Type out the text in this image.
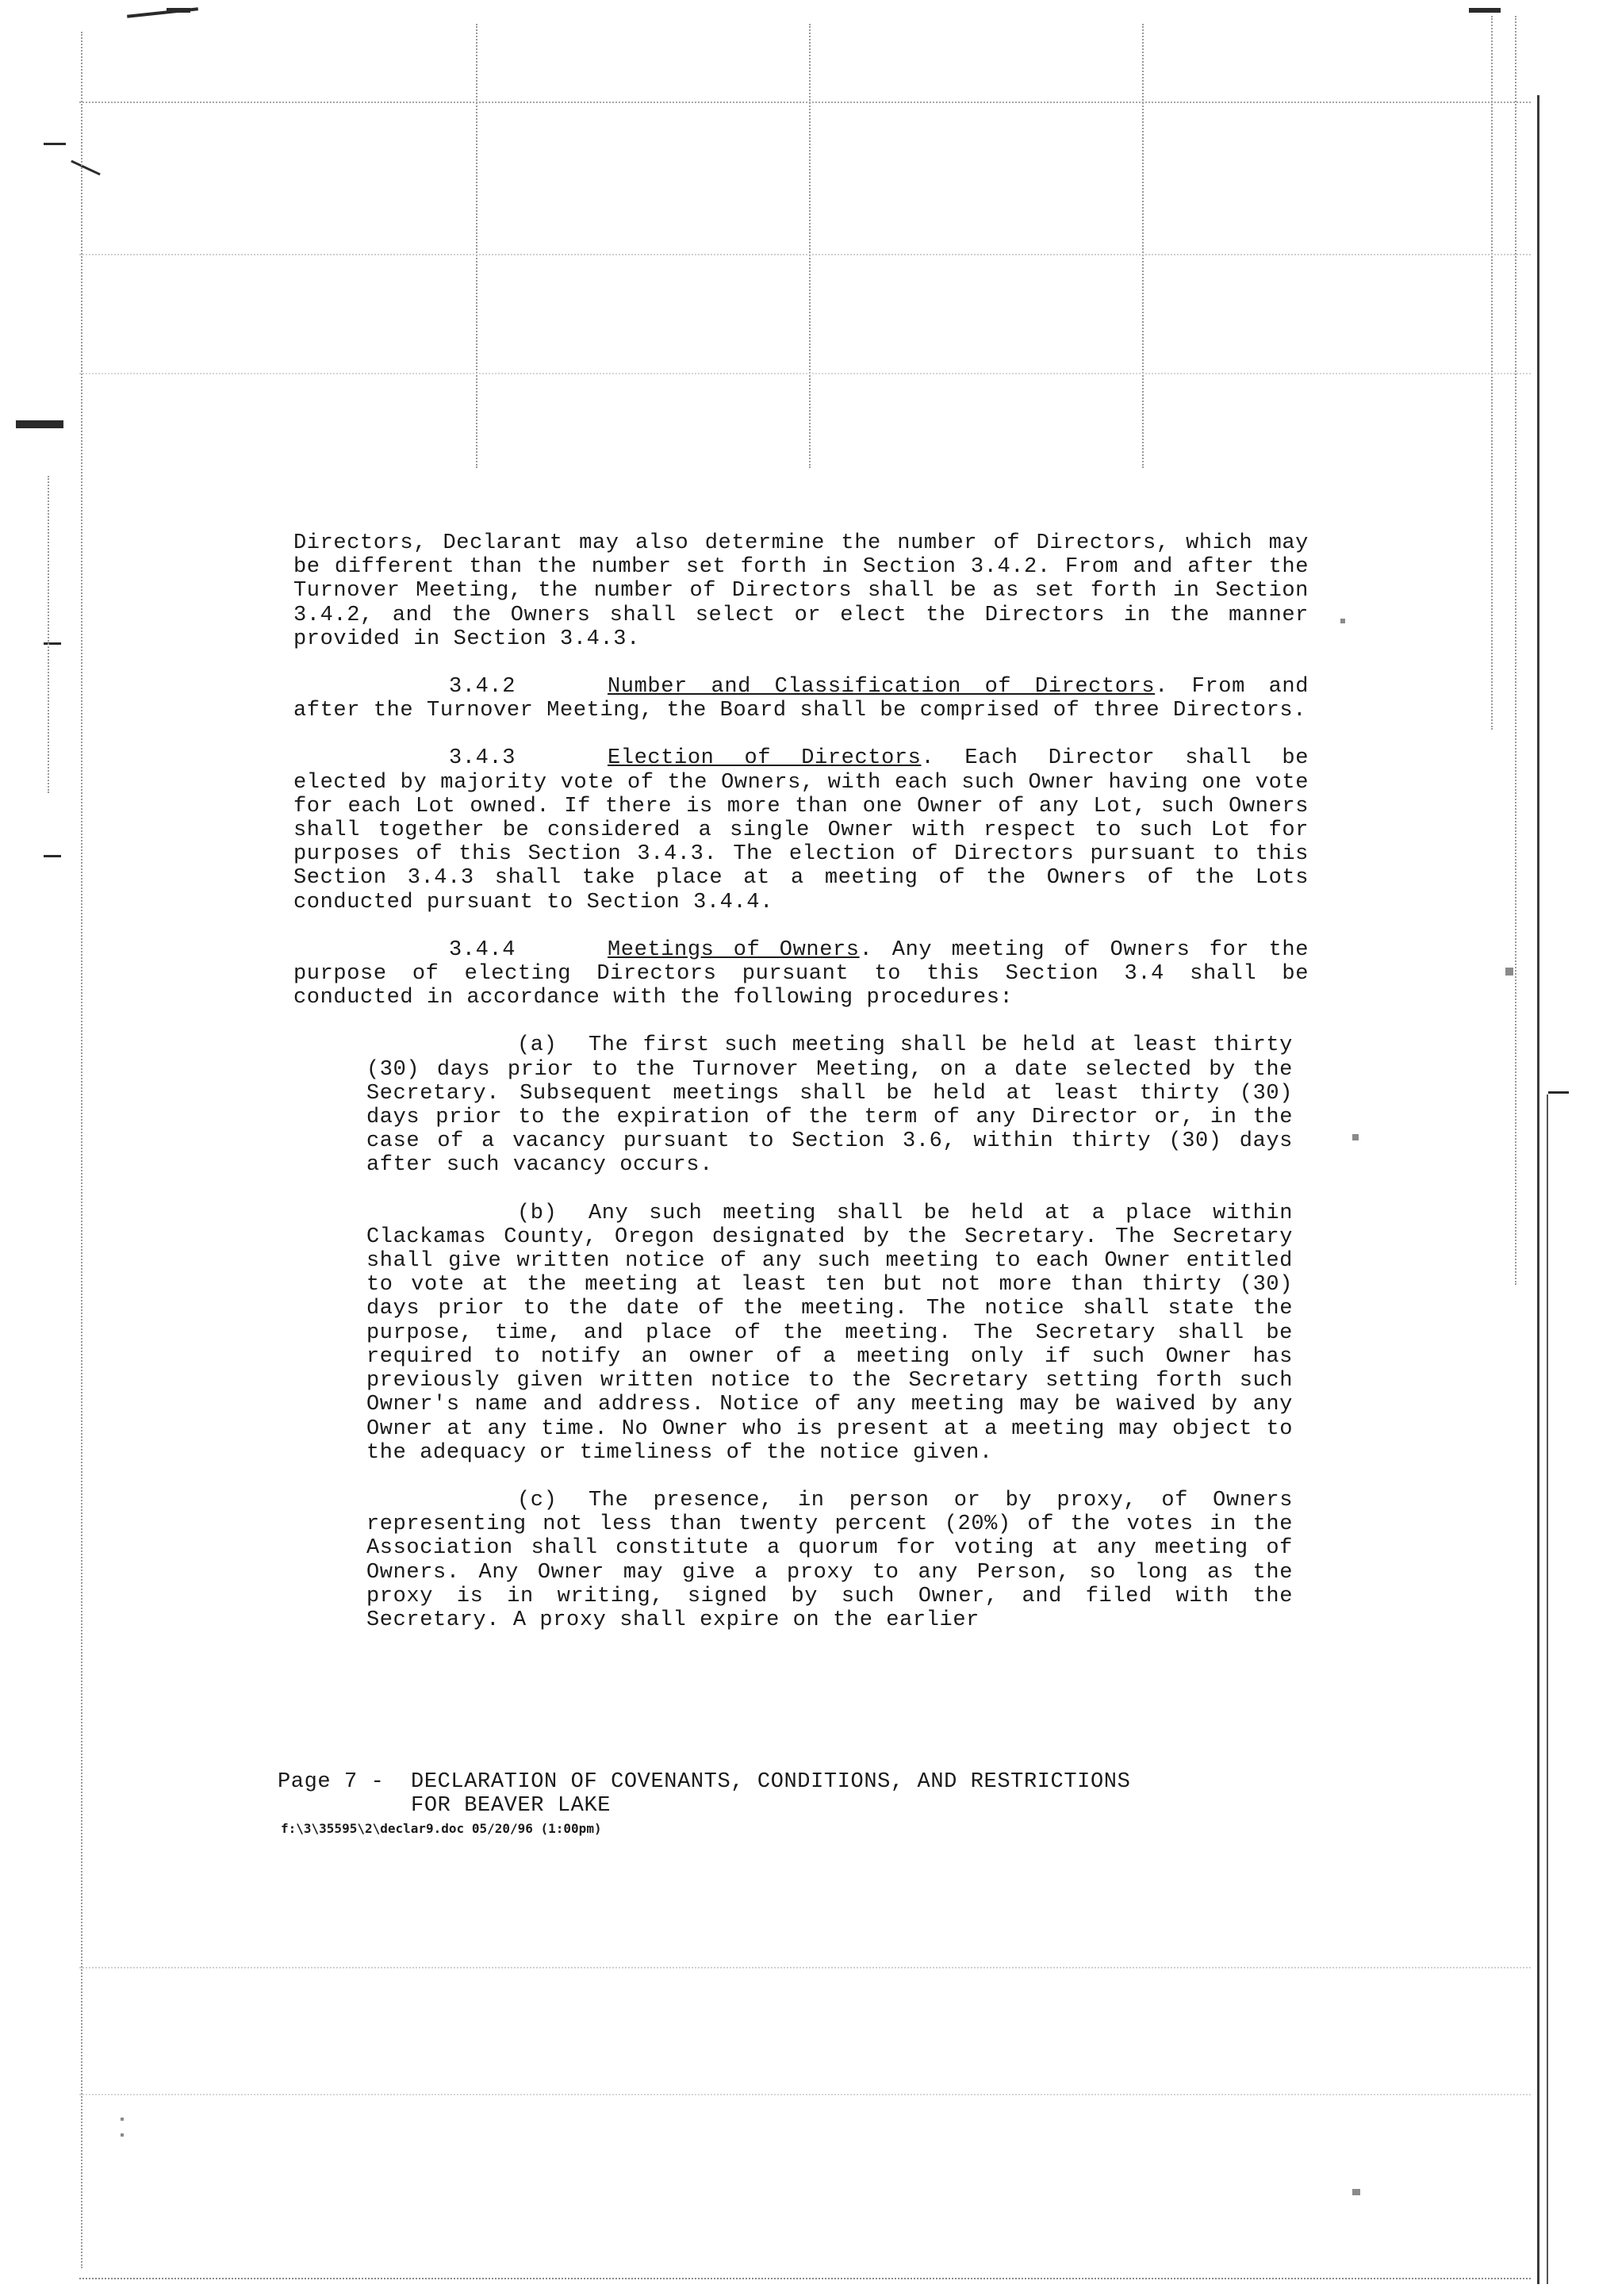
Directors, Declarant may also determine the number of Directors, which may be different than the number set forth in Section 3.4.2. From and after the Turnover Meeting, the number of Directors shall be as set forth in Section 3.4.2, and the Owners shall select or elect the Directors in the manner provided in Section 3.4.3.

3.4.2	Number and Classification of Directors. From and after the Turnover Meeting, the Board shall be comprised of three Directors.

3.4.3	Election of Directors. Each Director shall be elected by majority vote of the Owners, with each such Owner having one vote for each Lot owned. If there is more than one Owner of any Lot, such Owners shall together be considered a single Owner with respect to such Lot for purposes of this Section 3.4.3. The election of Directors pursuant to this Section 3.4.3 shall take place at a meeting of the Owners of the Lots conducted pursuant to Section 3.4.4.

3.4.4	Meetings of Owners. Any meeting of Owners for the purpose of electing Directors pursuant to this Section 3.4 shall be conducted in accordance with the following procedures:

(a) The first such meeting shall be held at least thirty (30) days prior to the Turnover Meeting, on a date selected by the Secretary. Subsequent meetings shall be held at least thirty (30) days prior to the expiration of the term of any Director or, in the case of a vacancy pursuant to Section 3.6, within thirty (30) days after such vacancy occurs.

(b) Any such meeting shall be held at a place within Clackamas County, Oregon designated by the Secretary. The Secretary shall give written notice of any such meeting to each Owner entitled to vote at the meeting at least ten but not more than thirty (30) days prior to the date of the meeting. The notice shall state the purpose, time, and place of the meeting. The Secretary shall be required to notify an owner of a meeting only if such Owner has previously given written notice to the Secretary setting forth such Owner's name and address. Notice of any meeting may be waived by any Owner at any time. No Owner who is present at a meeting may object to the adequacy or timeliness of the notice given.

(c) The presence, in person or by proxy, of Owners representing not less than twenty percent (20%) of the votes in the Association shall constitute a quorum for voting at any meeting of Owners. Any Owner may give a proxy to any Person, so long as the proxy is in writing, signed by such Owner, and filed with the Secretary. A proxy shall expire on the earlier

Page 7 -  DECLARATION OF COVENANTS, CONDITIONS, AND RESTRICTIONS
FOR BEAVER LAKE
f:\3\35595\2\declar9.doc 05/20/96 (1:00pm)
